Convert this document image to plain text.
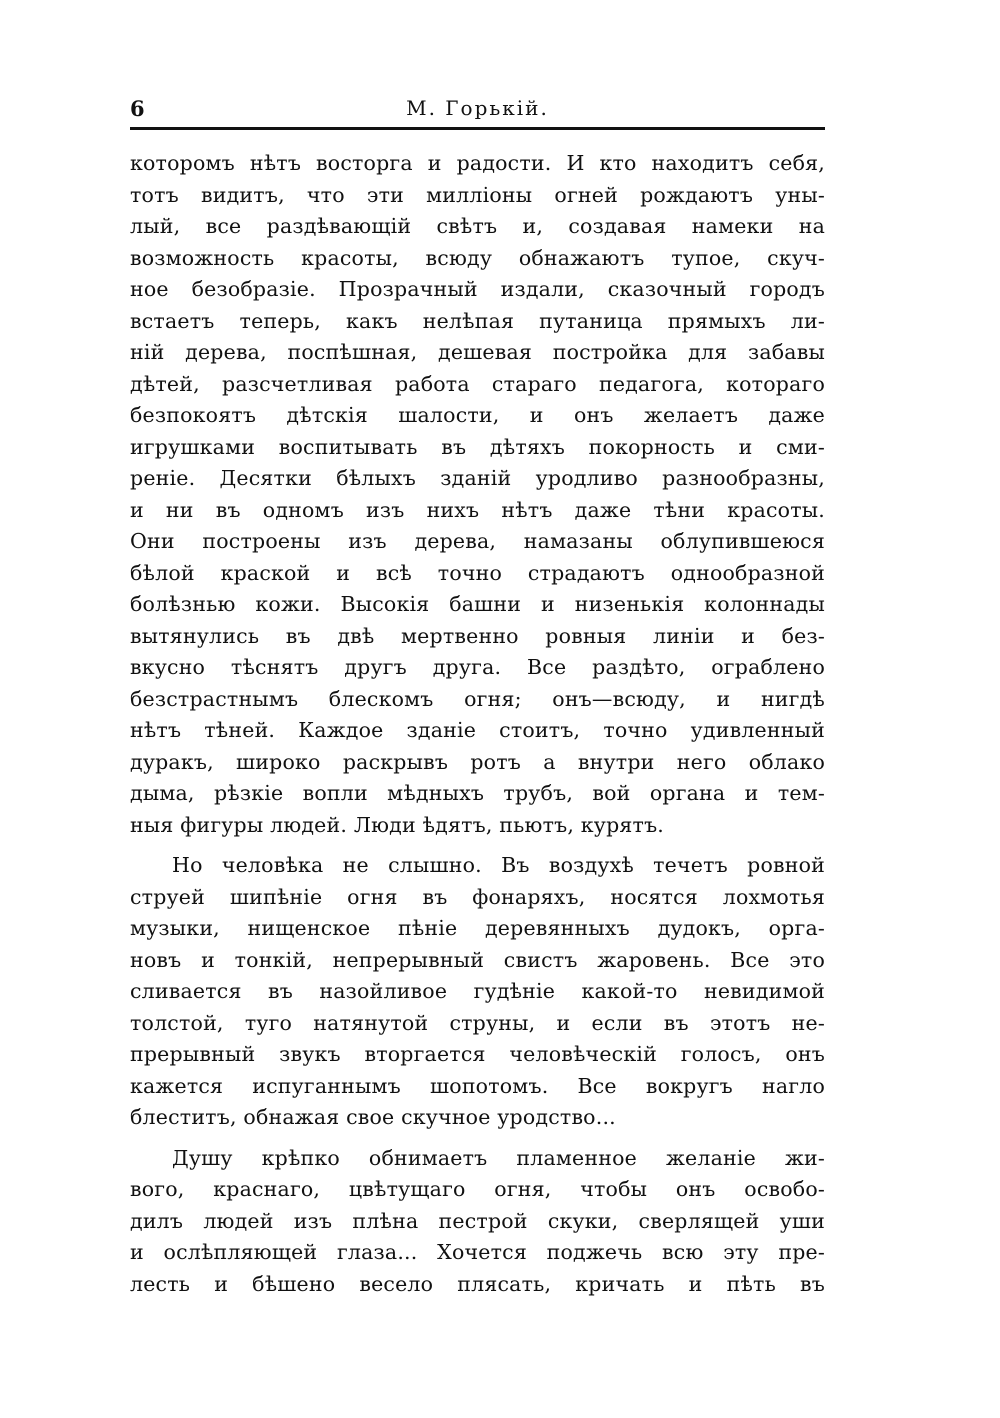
6	М. Горькій.
которомъ нѣтъ восторга и радости. И кто находитъ себя,
тотъ видитъ, что эти милліоны огней рождаютъ уны-
лый, все раздѣвающій свѣтъ и, создавая намеки на
возможность красоты, всюду обнажаютъ тупое, скуч-
ное безобразіе. Прозрачный издали, сказочный городъ
встаетъ теперь, какъ нелѣпая путаница прямыхъ ли-
ній дерева, поспѣшная, дешевая постройка для забавы
дѣтей, разсчетливая работа стараго педагога, котораго
безпокоятъ дѣтскія шалости, и онъ желаетъ даже
игрушками воспитывать въ дѣтяхъ покорность и сми-
реніе. Десятки бѣлыхъ зданій уродливо разнообразны,
и ни въ одномъ изъ нихъ нѣтъ даже тѣни красоты.
Они построены изъ дерева, намазаны облупившеюся
бѣлой краской и всѣ точно страдаютъ однообразной
болѣзнью кожи. Высокія башни и низенькія колоннады
вытянулись въ двѣ мертвенно ровныя линіи и без-
вкусно тѣснятъ другъ друга. Все раздѣто, ограблено
безстрастнымъ блескомъ огня; онъ—всюду, и нигдѣ
нѣтъ тѣней. Каждое зданіе стоитъ, точно удивленный
дуракъ, широко раскрывъ ротъ а внутри него облако
дыма, рѣзкіе вопли мѣдныхъ трубъ, вой органа и тем-
ныя фигуры людей. Люди ѣдятъ, пьютъ, курятъ.
Но человѣка не слышно. Въ воздухѣ течетъ ровной
струей шипѣніе огня въ фонаряхъ, носятся лохмотья
музыки, нищенское пѣніе деревянныхъ дудокъ, орга-
новъ и тонкій, непрерывный свистъ жаровень. Все это
сливается въ назойливое гудѣніе какой-то невидимой
толстой, туго натянутой струны, и если въ этотъ не-
прерывный звукъ вторгается человѣческій голосъ, онъ
кажется испуганнымъ шопотомъ. Все вокругъ нагло
блеститъ, обнажая свое скучное уродство...
Душу крѣпко обнимаетъ пламенное желаніе жи-
вого, краснаго, цвѣтущаго огня, чтобы онъ освобо-
дилъ людей изъ плѣна пестрой скуки, сверлящей уши
и ослѣпляющей глаза... Хочется поджечь всю эту пре-
лесть и бѣшено весело плясать, кричать и пѣть въ
